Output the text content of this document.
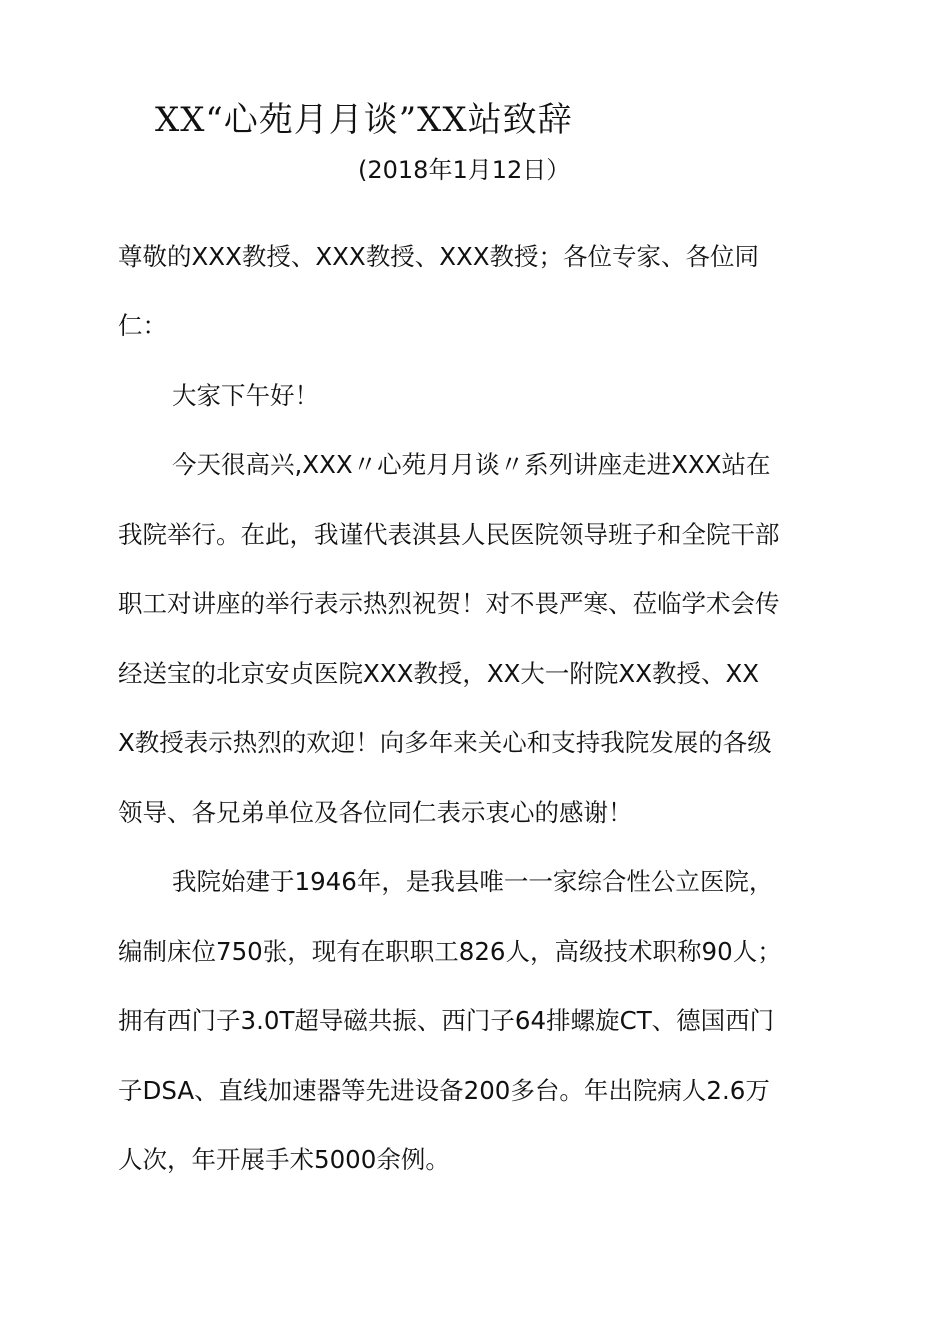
XX“心苑月月谈”XX站致辞
(2018年1月12日）
尊敬的XXX教授、XXX教授、XXX教授；各位专家、各位同
仁：
大家下午好！
今天很高兴,XXX〃心苑月月谈〃系列讲座走进XXX站在
我院举行。在此，我谨代表淇县人民医院领导班子和全院干部
职工对讲座的举行表示热烈祝贺！对不畏严寒、莅临学术会传
经送宝的北京安贞医院XXX教授，XX大一附院XX教授、XX
X教授表示热烈的欢迎！向多年来关心和支持我院发展的各级
领导、各兄弟单位及各位同仁表示衷心的感谢！
我院始建于1946年，是我县唯一一家综合性公立医院，
编制床位750张，现有在职职工826人，高级技术职称90人；
拥有西门子3.0T超导磁共振、西门子64排螺旋CT、德国西门
子DSA、直线加速器等先进设备200多台。年出院病人2.6万
人次，年开展手术5000余例。
